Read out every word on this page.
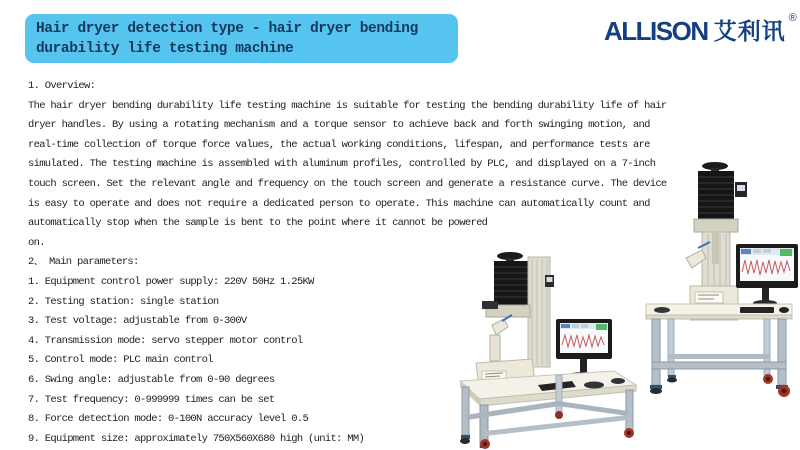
Hair dryer detection type - hair dryer bending
durability life testing machine
ALLISON 艾利讯 ®
1. Overview:
The hair dryer bending durability life testing machine is suitable for testing the bending durability life of hair
dryer handles. By using a rotating mechanism and a torque sensor to achieve back and forth swinging motion, and
real-time collection of torque force values, the actual working conditions, lifespan, and performance tests are
simulated. The testing machine is assembled with aluminum profiles, controlled by PLC, and displayed on a 7-inch
touch screen. Set the relevant angle and frequency on the touch screen and generate a resistance curve. The device
is easy to operate and does not require a dedicated person to operate. This machine can automatically count and
automatically stop when the sample is bent to the point where it cannot be powered
on.
2、 Main parameters:
1. Equipment control power supply: 220V 50Hz 1.25KW
2. Testing station: single station
3. Test voltage: adjustable from 0-300V
4. Transmission mode: servo stepper motor control
5. Control mode: PLC main control
6. Swing angle: adjustable from 0-90 degrees
7. Test frequency: 0-999999 times can be set
8. Force detection mode: 0-100N accuracy level 0.5
9. Equipment size: approximately 750X560X680 high (unit: MM)
